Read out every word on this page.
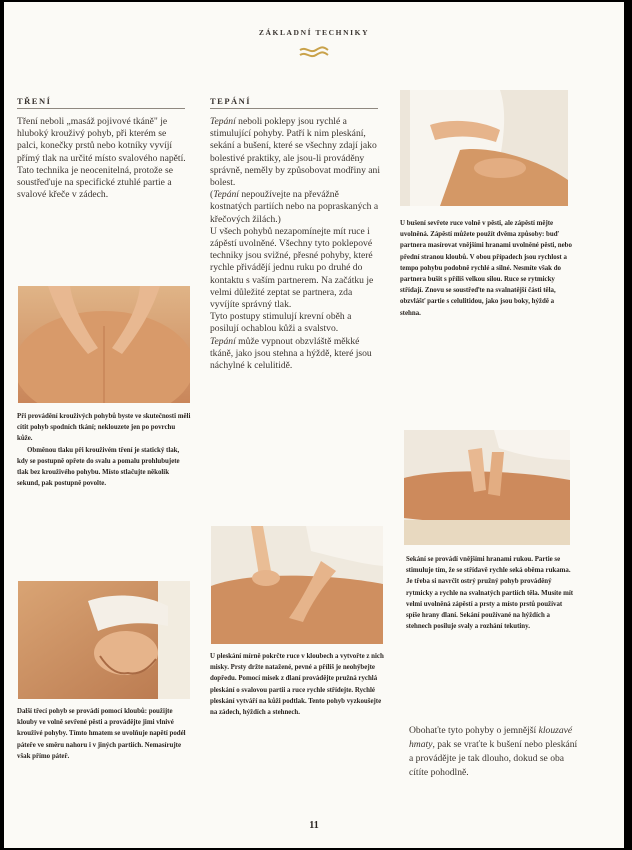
ZÁKLADNÍ TECHNIKY
TŘENÍ
Tření neboli „masáž pojivové tkáně" je hluboký krouživý pohyb, při kterém se palci, konečky prstů nebo kotníky vyvíjí přímý tlak na určité místo svalového napětí. Tato technika je neocenitelná, protože se soustřeďuje na specifické ztuhlé partie a svalové křeče v zádech.

Při provádění krouživých pohybů byste ve skutečnosti měli cítit pohyb spodních tkání; neklouzete jen po povrchu kůže.

Obměnou tlaku při krouživém tření je statický tlak, kdy se postupně opřete do svalu a pomalu prohlubujete tlak bez krouživého pohybu. Místo stlačujte několik sekund, pak postupně povolte.

Další třecí pohyb se provádí pomocí kloubů: použijte klouby ve volně sevřené pěsti a provádějte jimi vlnivé krouživé pohyby. Tímto hmatem se uvolňuje napětí podél páteře ve směru nahoru i v jiných partiích. Nemasírujte však přímo páteř.
TEPÁNÍ

Tepání neboli poklepy jsou rychlé a stimulující pohyby. Patří k nim pleskání, sekání a bušení, které se všechny zdají jako bolestivé praktiky, ale jsou-li prováděny správně, neměly by způsobovat modřiny ani bolest.

(Tepání nepoužívejte na převážně kostnatých partiích nebo na popraskaných a křečových žilách.)

U všech pohybů nezapomínejte mít ruce i zápěstí uvolněné. Všechny tyto poklepové techniky jsou svižné, přesné pohyby, které rychle přivádějí jednu ruku po druhé do kontaktu s vaším partnerem. Na začátku je velmi důležité zeptat se partnera, zda vyvíjíte správný tlak.

Tyto postupy stimulují krevní oběh a posilují ochablou kůži a svalstvo.

Tepání může vypnout obzvláště měkké tkáně, jako jsou stehna a hýždě, které jsou náchylné k celulitidě.

U pleskání mírně pokrčte ruce v kloubech a vytvořte z nich misky. Prsty držte natažené, pevné a příliš je neohýbejte dopředu. Pomocí misek z dlaní provádějte pružná rychlá pleskání o svalovou partii a ruce rychle střídejte. Rychlé pleskání vytváří na kůži podtlak. Tento pohyb vyzkoušejte na zádech, hýždích a stehnech.
U bušení sevřete ruce volně v pěsti, ale zápěstí mějte uvolněná. Zápěstí můžete použít dvěma způsoby: buď partnera masírovat vnějšími hranami uvolněné pěsti, nebo přední stranou kloubů. V obou případech jsou rychlost a tempo pohybu podobně rychlé a silné. Nesmíte však do partnera bušit s příliš velkou silou. Ruce se rytmicky střídají. Znovu se soustřeďte na svalnatější části těla, obzvlášť partie s celulitidou, jako jsou boky, hýždě a stehna.
Sekání se provádí vnějšími hranami rukou. Partie se stimuluje tím, že se střídavě rychle seká oběma rukama. Je třeba si navrčit ostrý pružný pohyb prováděný rytmicky a rychle na svalnatých partiích těla. Musíte mít velmi uvolněná zápěstí a prsty a místo prstů používat spíše hrany dlaní. Sekání používané na hýždích a stehnech posiluje svaly a rozhání tekutiny.
Obohaťte tyto pohyby o jemnější klouzavé hmaty, pak se vraťte k bušení nebo pleskání a provádějte je tak dlouho, dokud se oba cítíte pohodlně.
11
